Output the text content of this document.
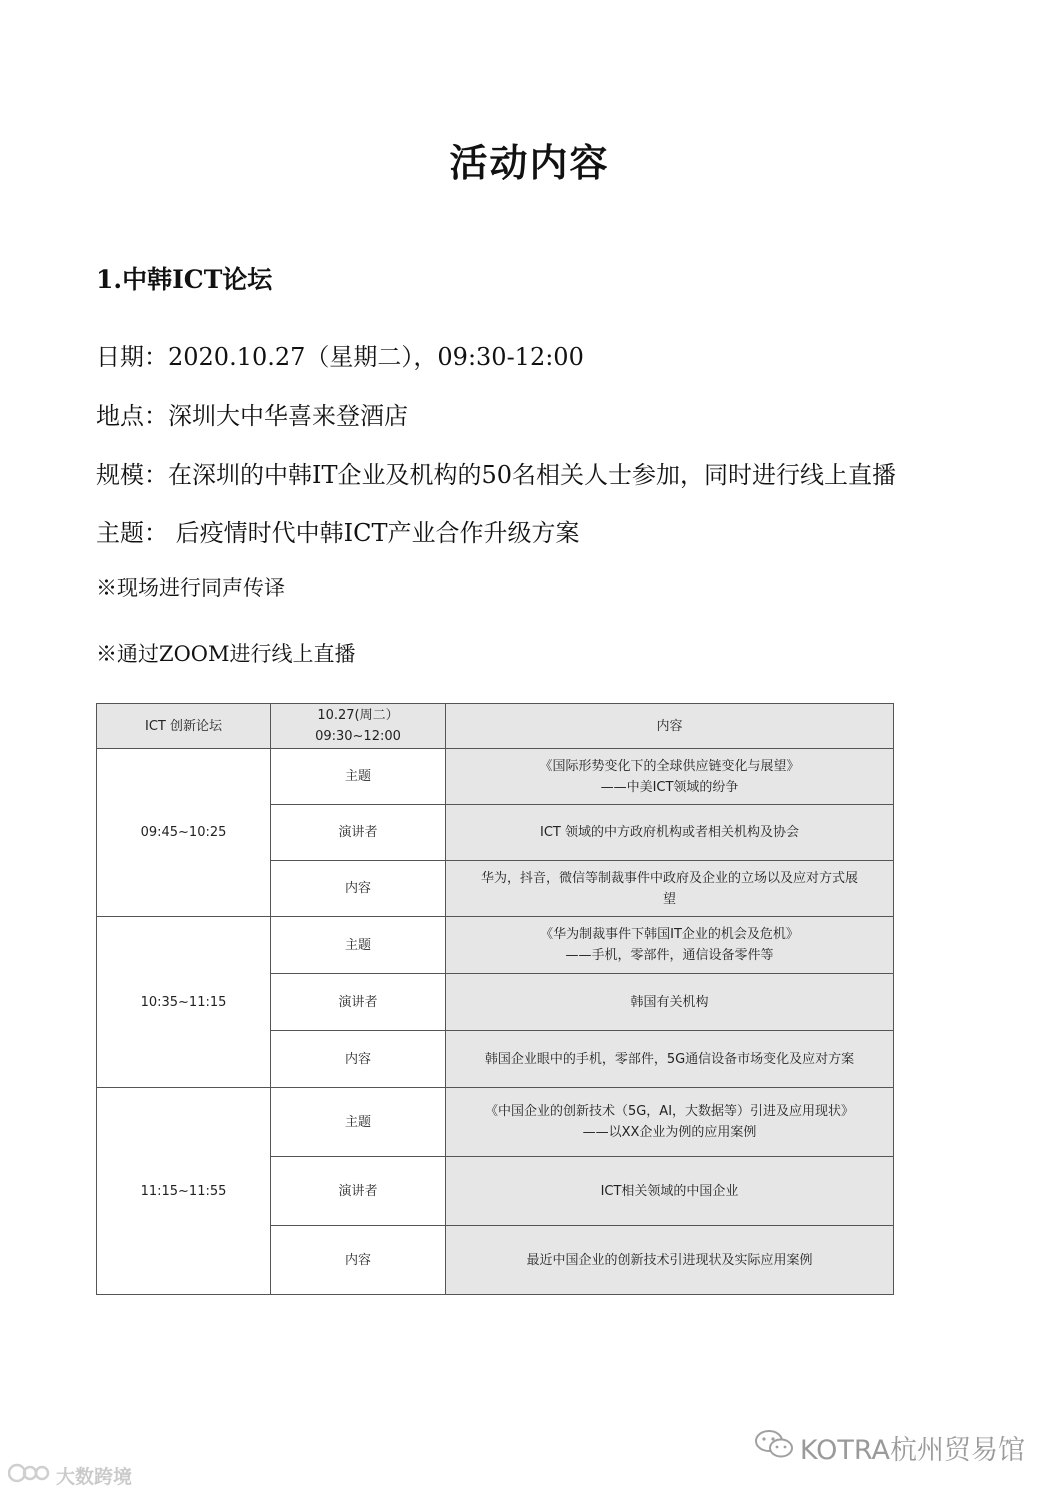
活动内容
1.中韩ICT论坛
日期：2020.10.27（星期二），09:30-12:00
地点：深圳大中华喜来登酒店
规模：在深圳的中韩IT企业及机构的50名相关人士参加，同时进行线上直播
主题： 后疫情时代中韩ICT产业合作升级方案
※现场进行同声传译
※通过ZOOM进行线上直播
ICT 创新论坛	10.27(周二） 09:30~12:00	内容
09:45~10:25	主题	《国际形势变化下的全球供应链变化与展望》
——中美ICT领域的纷争

	演讲者	ICT 领域的中方政府机构或者相关机构及协会

	内容	华为，抖音，微信等制裁事件中政府及企业的立场以及应对方式展
望

10:35~11:15	主题	《华为制裁事件下韩国IT企业的机会及危机》
——手机，零部件，通信设备零件等

	演讲者	韩国有关机构

	内容	韩国企业眼中的手机，零部件，5G通信设备市场变化及应对方案

11:15~11:55	主题	《中国企业的创新技术（5G，AI，大数据等）引进及应用现状》
——以XX企业为例的应用案例

	演讲者	ICT相关领域的中国企业

	内容	最近中国企业的创新技术引进现状及实际应用案例
大数跨境
KOTRA杭州贸易馆
